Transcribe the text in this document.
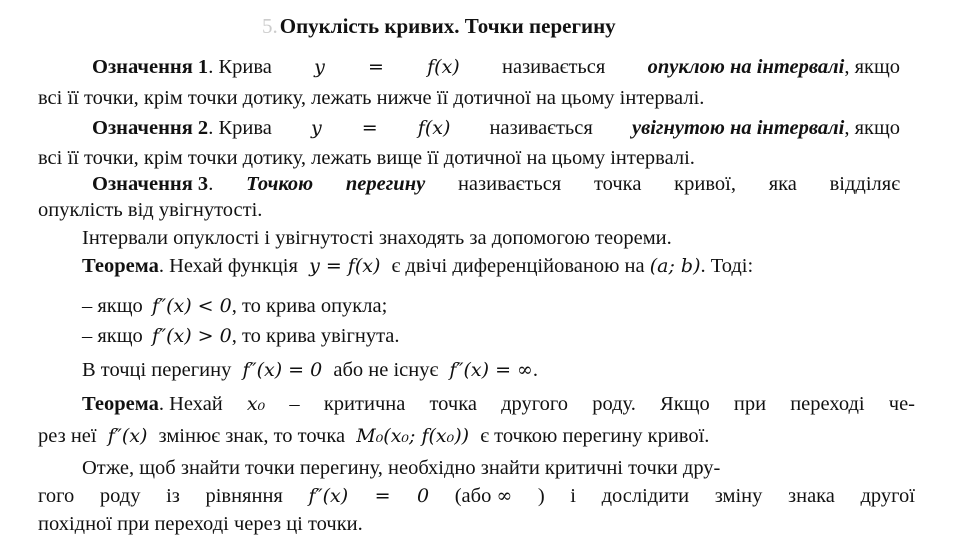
5.Опуклість кривих. Точки перегину
Означення 1. Крива y = f(x) називається опуклою на інтервалі, якщо
всі її точки, крім точки дотику, лежать нижче її дотичної на цьому інтервалі.
Означення 2. Крива y = f(x) називається увігнутою на інтервалі, якщо
всі її точки, крім точки дотику, лежать вище її дотичної на цьому інтервалі.
Означення 3. Точкою перегину називається точка кривої, яка відділяє
опуклість від увігнутості.
Інтервали опуклості і увігнутості знаходять за допомогою теореми.
Теорема. Нехай функція y = f(x) є двічі диференційованою на (a; b). Тоді:
– якщо f″(x) < 0, то крива опукла;
– якщо f″(x) > 0, то крива увігнута.
В точці перегину f″(x) = 0 або не існує f″(x) = ∞.
Теорема. Нехай x₀ – критична точка другого роду. Якщо при переході че-
рез неї f″(x) змінює знак, то точка M₀(x₀; f(x₀)) є точкою перегину кривої.
Отже, щоб знайти точки перегину, необхідно знайти критичні точки дру-
гого роду із рівняння f″(x) = 0 (або ∞ ) і дослідити зміну знака другої
похідної при переході через ці точки.
